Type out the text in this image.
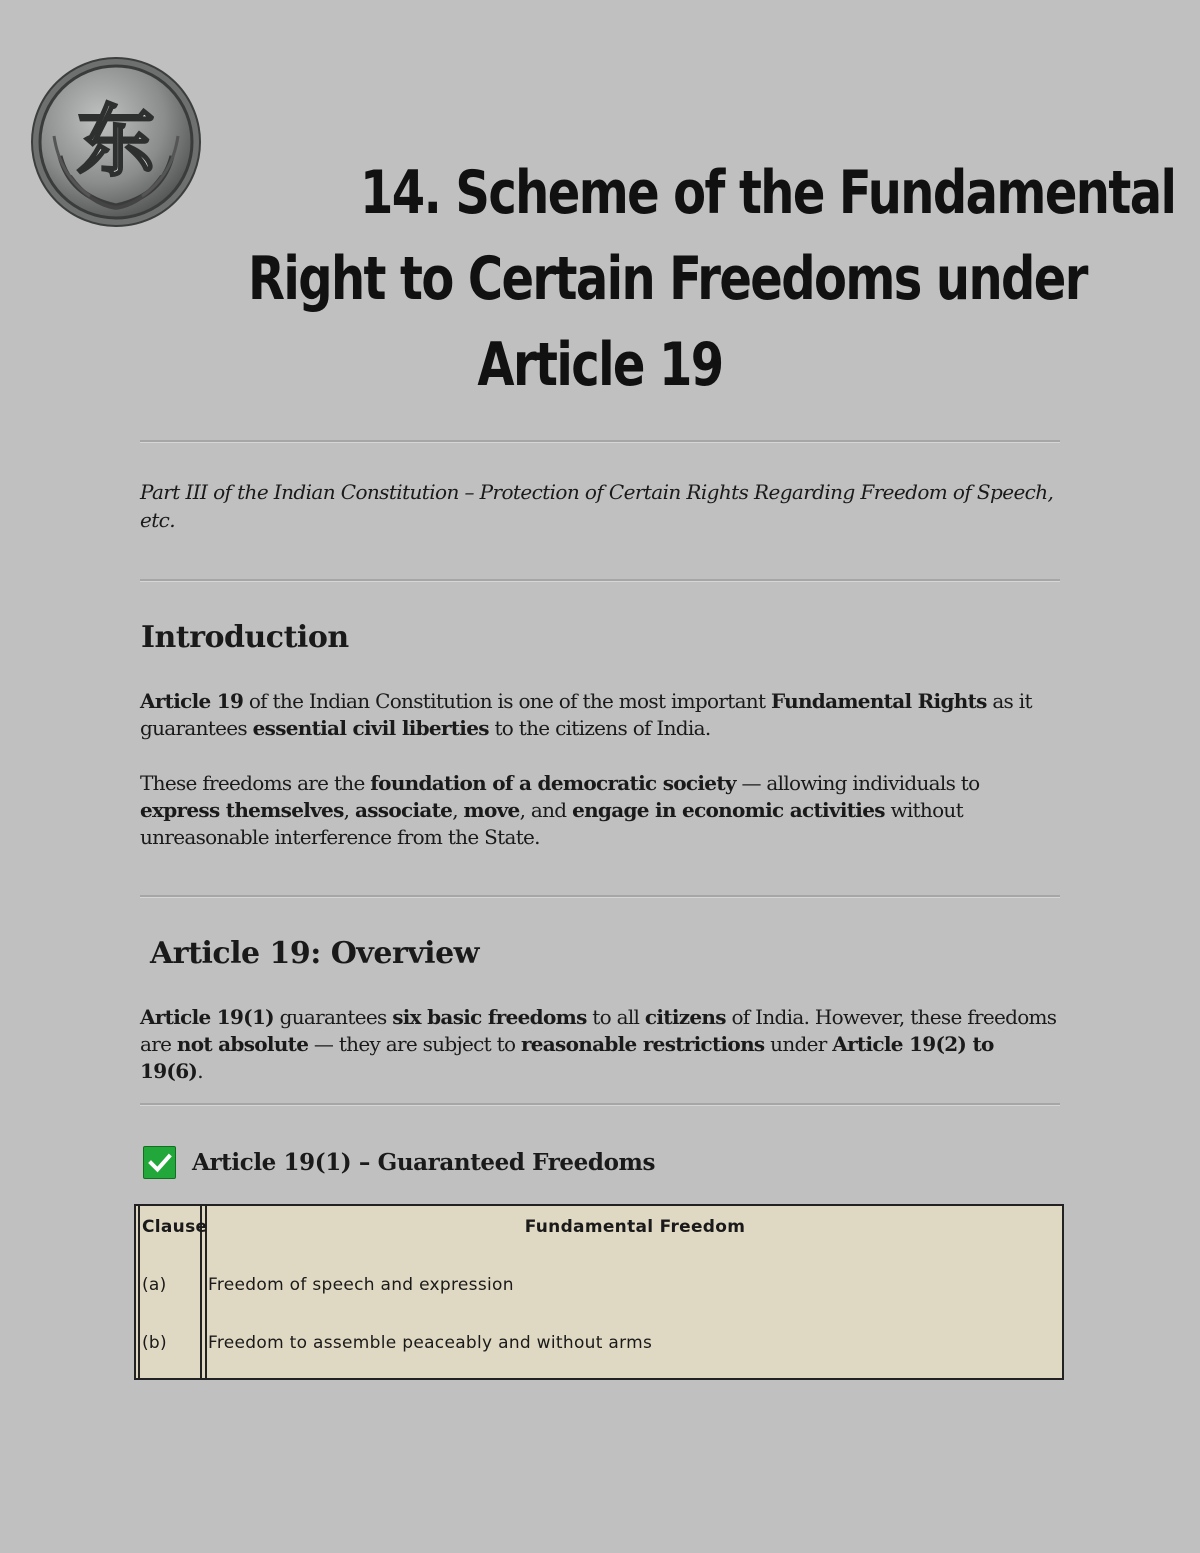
东
14. Scheme of the Fundamental
Right to Certain Freedoms under
Article 19
Part III of the Indian Constitution – Protection of Certain Rights Regarding Freedom of Speech, etc.
Introduction
Article 19 of the Indian Constitution is one of the most important Fundamental Rights as it guarantees essential civil liberties to the citizens of India.
These freedoms are the foundation of a democratic society — allowing individuals to express themselves, associate, move, and engage in economic activities without unreasonable interference from the State.
Article 19: Overview
Article 19(1) guarantees six basic freedoms to all citizens of India. However, these freedoms are not absolute — they are subject to reasonable restrictions under Article 19(2) to 19(6).
Article 19(1) – Guaranteed Freedoms
Clause	Fundamental Freedom
(a) Freedom of speech and expression
(b) Freedom to assemble peaceably and without arms
